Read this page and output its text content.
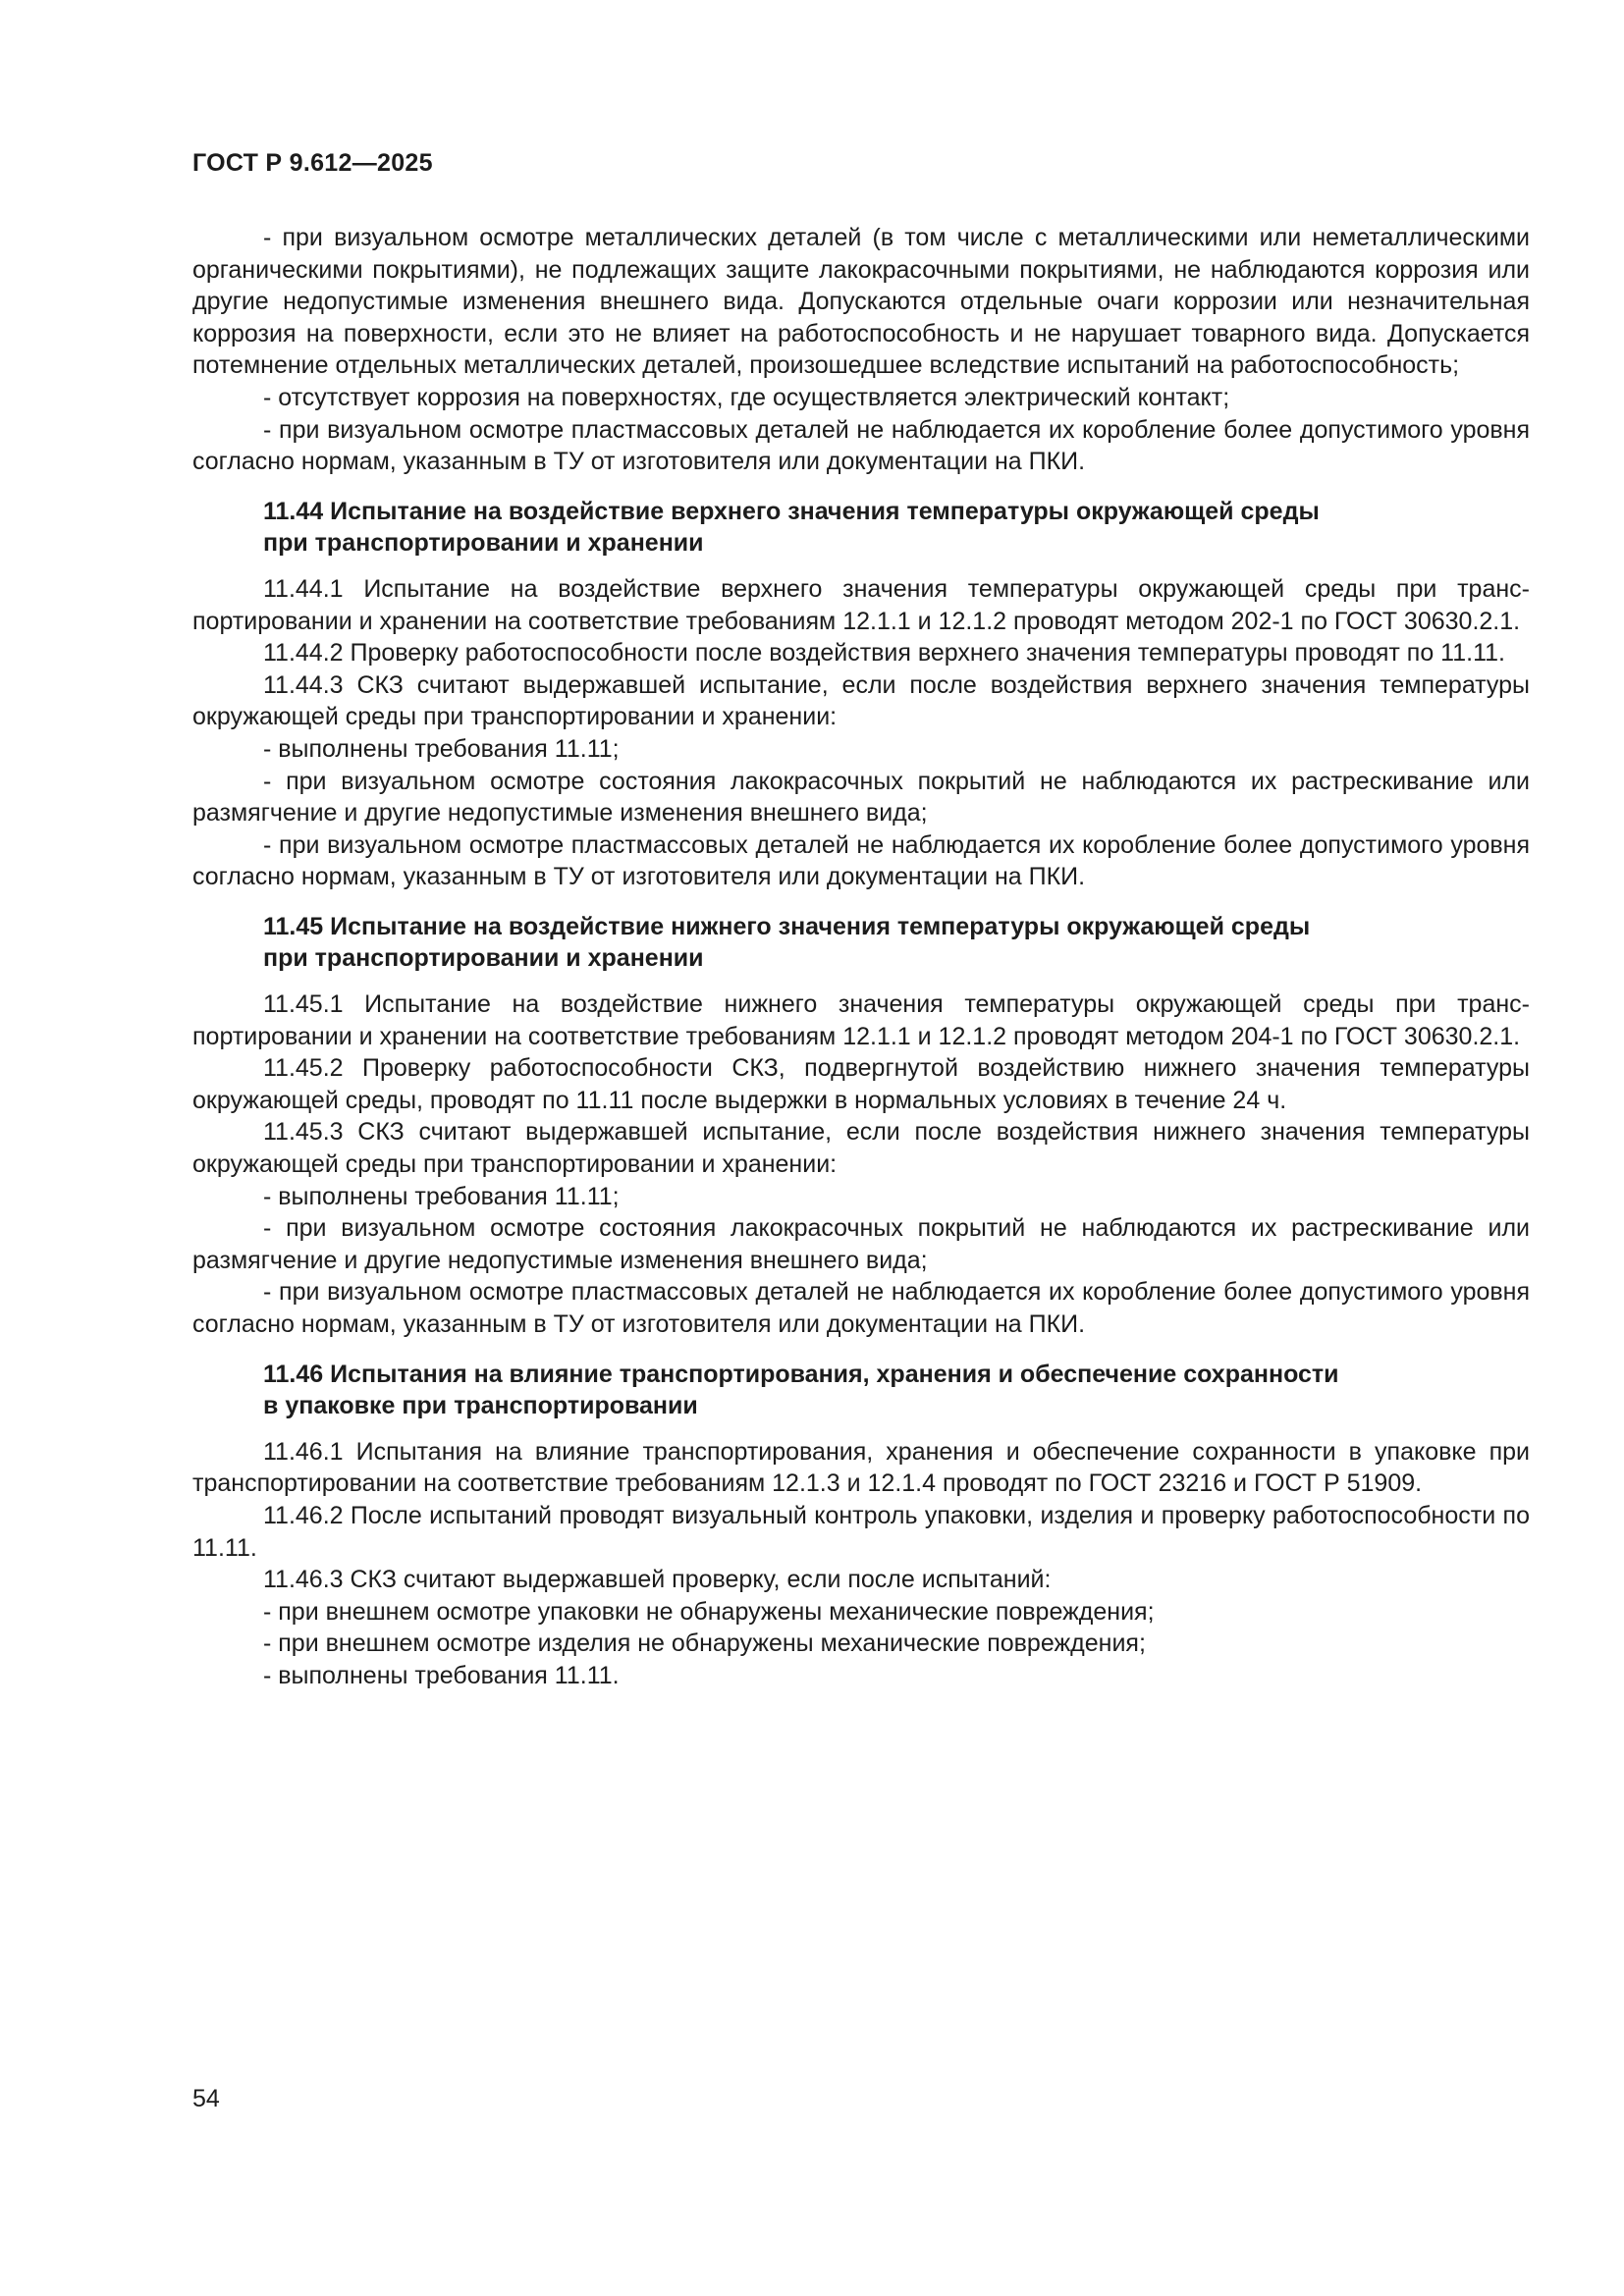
ГОСТ Р 9.612—2025

- при визуальном осмотре металлических деталей (в том числе с металлическими или неметаллическими органическими покрытиями), не подлежащих защите лакокрасочными покрытиями, не наблюдаются коррозия или другие недопустимые изменения внешнего вида. Допускаются отдельные очаги коррозии или незначительная коррозия на поверхности, если это не влияет на работоспособность и не нарушает товарного вида. Допускается потемнение отдельных металлических деталей, произошедшее вследствие испытаний на работоспособность;

- отсутствует коррозия на поверхностях, где осуществляется электрический контакт;

- при визуальном осмотре пластмассовых деталей не наблюдается их коробление более допустимого уровня согласно нормам, указанным в ТУ от изготовителя или документации на ПКИ.

11.44 Испытание на воздействие верхнего значения температуры окружающей среды
при транспортировании и хранении

11.44.1 Испытание на воздействие верхнего значения температуры окружающей среды при транспортировании и хранении на соответствие требованиям 12.1.1 и 12.1.2 проводят методом 202-1 по ГОСТ 30630.2.1.

11.44.2 Проверку работоспособности после воздействия верхнего значения температуры проводят по 11.11.

11.44.3 СКЗ считают выдержавшей испытание, если после воздействия верхнего значения температуры окружающей среды при транспортировании и хранении:

- выполнены требования 11.11;

- при визуальном осмотре состояния лакокрасочных покрытий не наблюдаются их растрескивание или размягчение и другие недопустимые изменения внешнего вида;

- при визуальном осмотре пластмассовых деталей не наблюдается их коробление более допустимого уровня согласно нормам, указанным в ТУ от изготовителя или документации на ПКИ.

11.45 Испытание на воздействие нижнего значения температуры окружающей среды
при транспортировании и хранении

11.45.1 Испытание на воздействие нижнего значения температуры окружающей среды при транспортировании и хранении на соответствие требованиям 12.1.1 и 12.1.2 проводят методом 204-1 по ГОСТ 30630.2.1.

11.45.2 Проверку работоспособности СКЗ, подвергнутой воздействию нижнего значения температуры окружающей среды, проводят по 11.11 после выдержки в нормальных условиях в течение 24 ч.

11.45.3 СКЗ считают выдержавшей испытание, если после воздействия нижнего значения температуры окружающей среды при транспортировании и хранении:

- выполнены требования 11.11;

- при визуальном осмотре состояния лакокрасочных покрытий не наблюдаются их растрескивание или размягчение и другие недопустимые изменения внешнего вида;

- при визуальном осмотре пластмассовых деталей не наблюдается их коробление более допустимого уровня согласно нормам, указанным в ТУ от изготовителя или документации на ПКИ.

11.46 Испытания на влияние транспортирования, хранения и обеспечение сохранности
в упаковке при транспортировании

11.46.1 Испытания на влияние транспортирования, хранения и обеспечение сохранности в упаковке при транспортировании на соответствие требованиям 12.1.3 и 12.1.4 проводят по ГОСТ 23216 и ГОСТ Р 51909.

11.46.2 После испытаний проводят визуальный контроль упаковки, изделия и проверку работоспособности по 11.11.

11.46.3 СКЗ считают выдержавшей проверку, если после испытаний:

- при внешнем осмотре упаковки не обнаружены механические повреждения;

- при внешнем осмотре изделия не обнаружены механические повреждения;

- выполнены требования 11.11.

54
